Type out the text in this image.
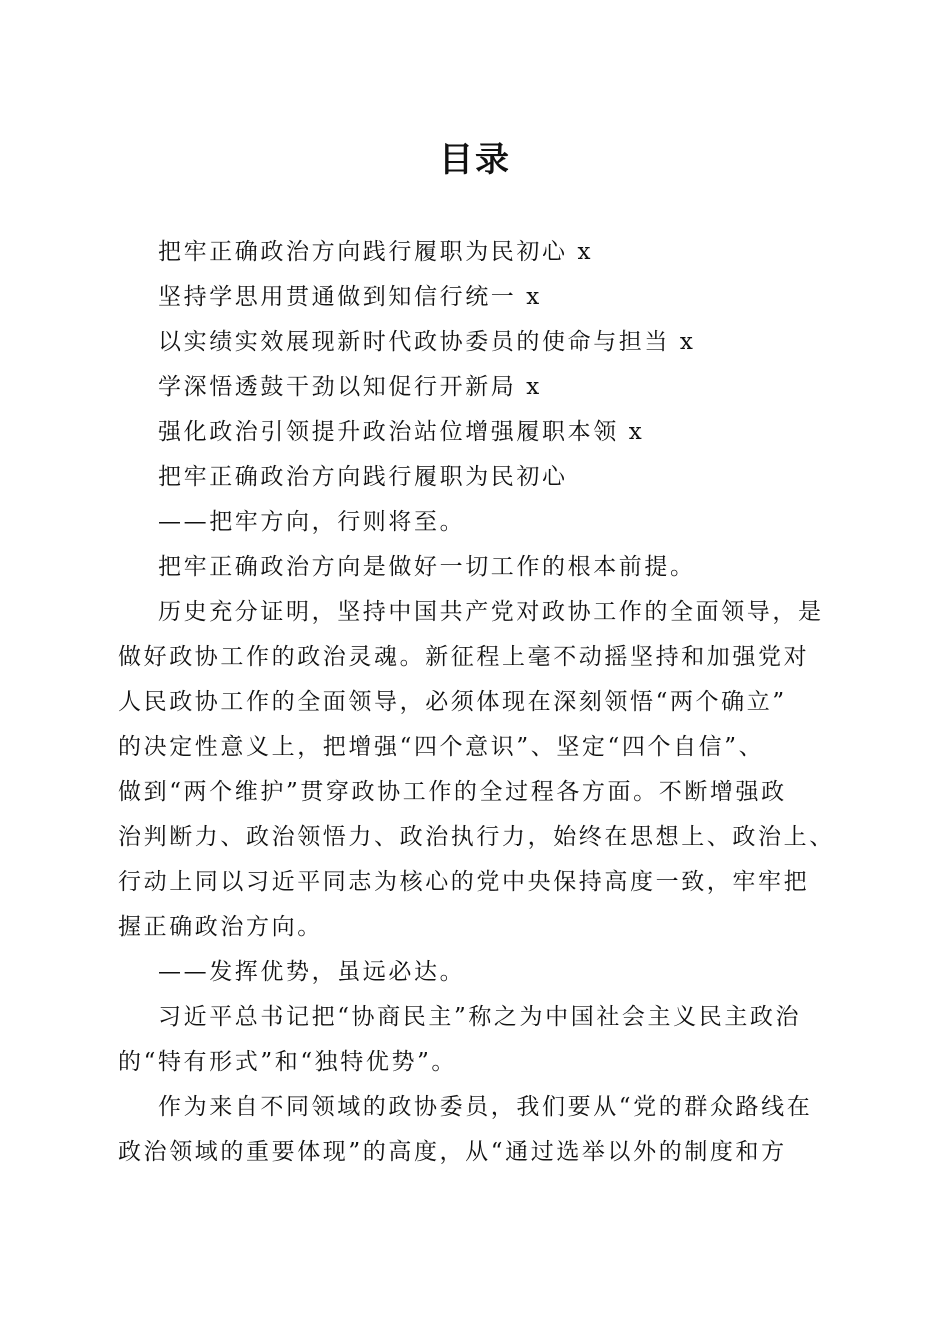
目录
把牢正确政治方向践行履职为民初心 x
坚持学思用贯通做到知信行统一 x
以实绩实效展现新时代政协委员的使命与担当 x
学深悟透鼓干劲以知促行开新局 x
强化政治引领提升政治站位增强履职本领 x
把牢正确政治方向践行履职为民初心
——把牢方向，行则将至。
把牢正确政治方向是做好一切工作的根本前提。
历史充分证明，坚持中国共产党对政协工作的全面领导，是
做好政协工作的政治灵魂。新征程上毫不动摇坚持和加强党对
人民政协工作的全面领导，必须体现在深刻领悟“两个确立”
的决定性意义上，把增强“四个意识”、坚定“四个自信”、
做到“两个维护”贯穿政协工作的全过程各方面。不断增强政
治判断力、政治领悟力、政治执行力，始终在思想上、政治上、
行动上同以习近平同志为核心的党中央保持高度一致，牢牢把
握正确政治方向。
——发挥优势，虽远必达。
习近平总书记把“协商民主”称之为中国社会主义民主政治
的“特有形式”和“独特优势”。
作为来自不同领域的政协委员，我们要从“党的群众路线在
政治领域的重要体现”的高度，从“通过选举以外的制度和方
